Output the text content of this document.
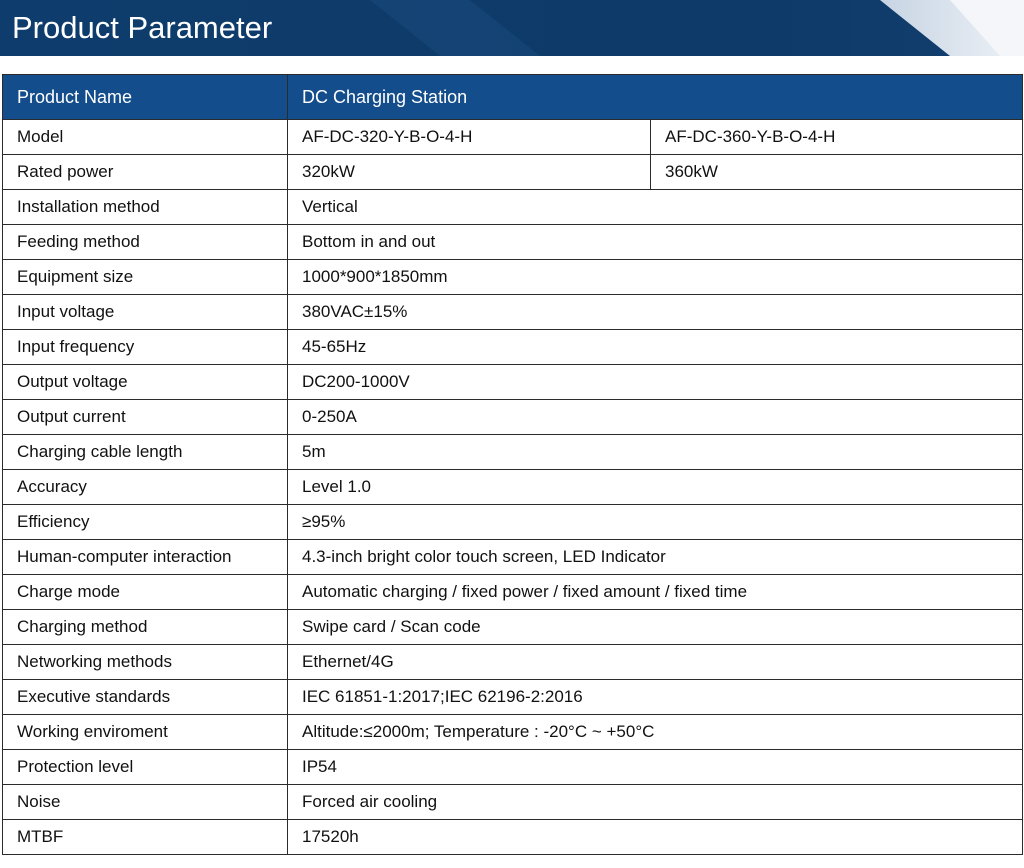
Product Parameter
Product Name	DC Charging Station	
Model	AF-DC-320-Y-B-O-4-H	AF-DC-360-Y-B-O-4-H
Rated power	320kW	360kW
Installation method	Vertical	
Feeding method	Bottom in and out	
Equipment size	1000*900*1850mm	
Input voltage	380VAC±15%	
Input frequency	45-65Hz	
Output voltage	DC200-1000V	
Output current	0-250A	
Charging cable length	5m	
Accuracy	Level 1.0	
Efficiency	≥95%	
Human-computer interaction	4.3-inch bright color touch screen, LED Indicator	
Charge mode	Automatic charging / fixed power / fixed amount / fixed time	
Charging method	Swipe card / Scan code	
Networking methods	Ethernet/4G	
Executive standards	IEC 61851-1:2017;IEC 62196-2:2016	
Working enviroment	Altitude:≤2000m; Temperature : -20°C ~ +50°C	
Protection level	IP54	
Noise	Forced air cooling	
MTBF	17520h	
